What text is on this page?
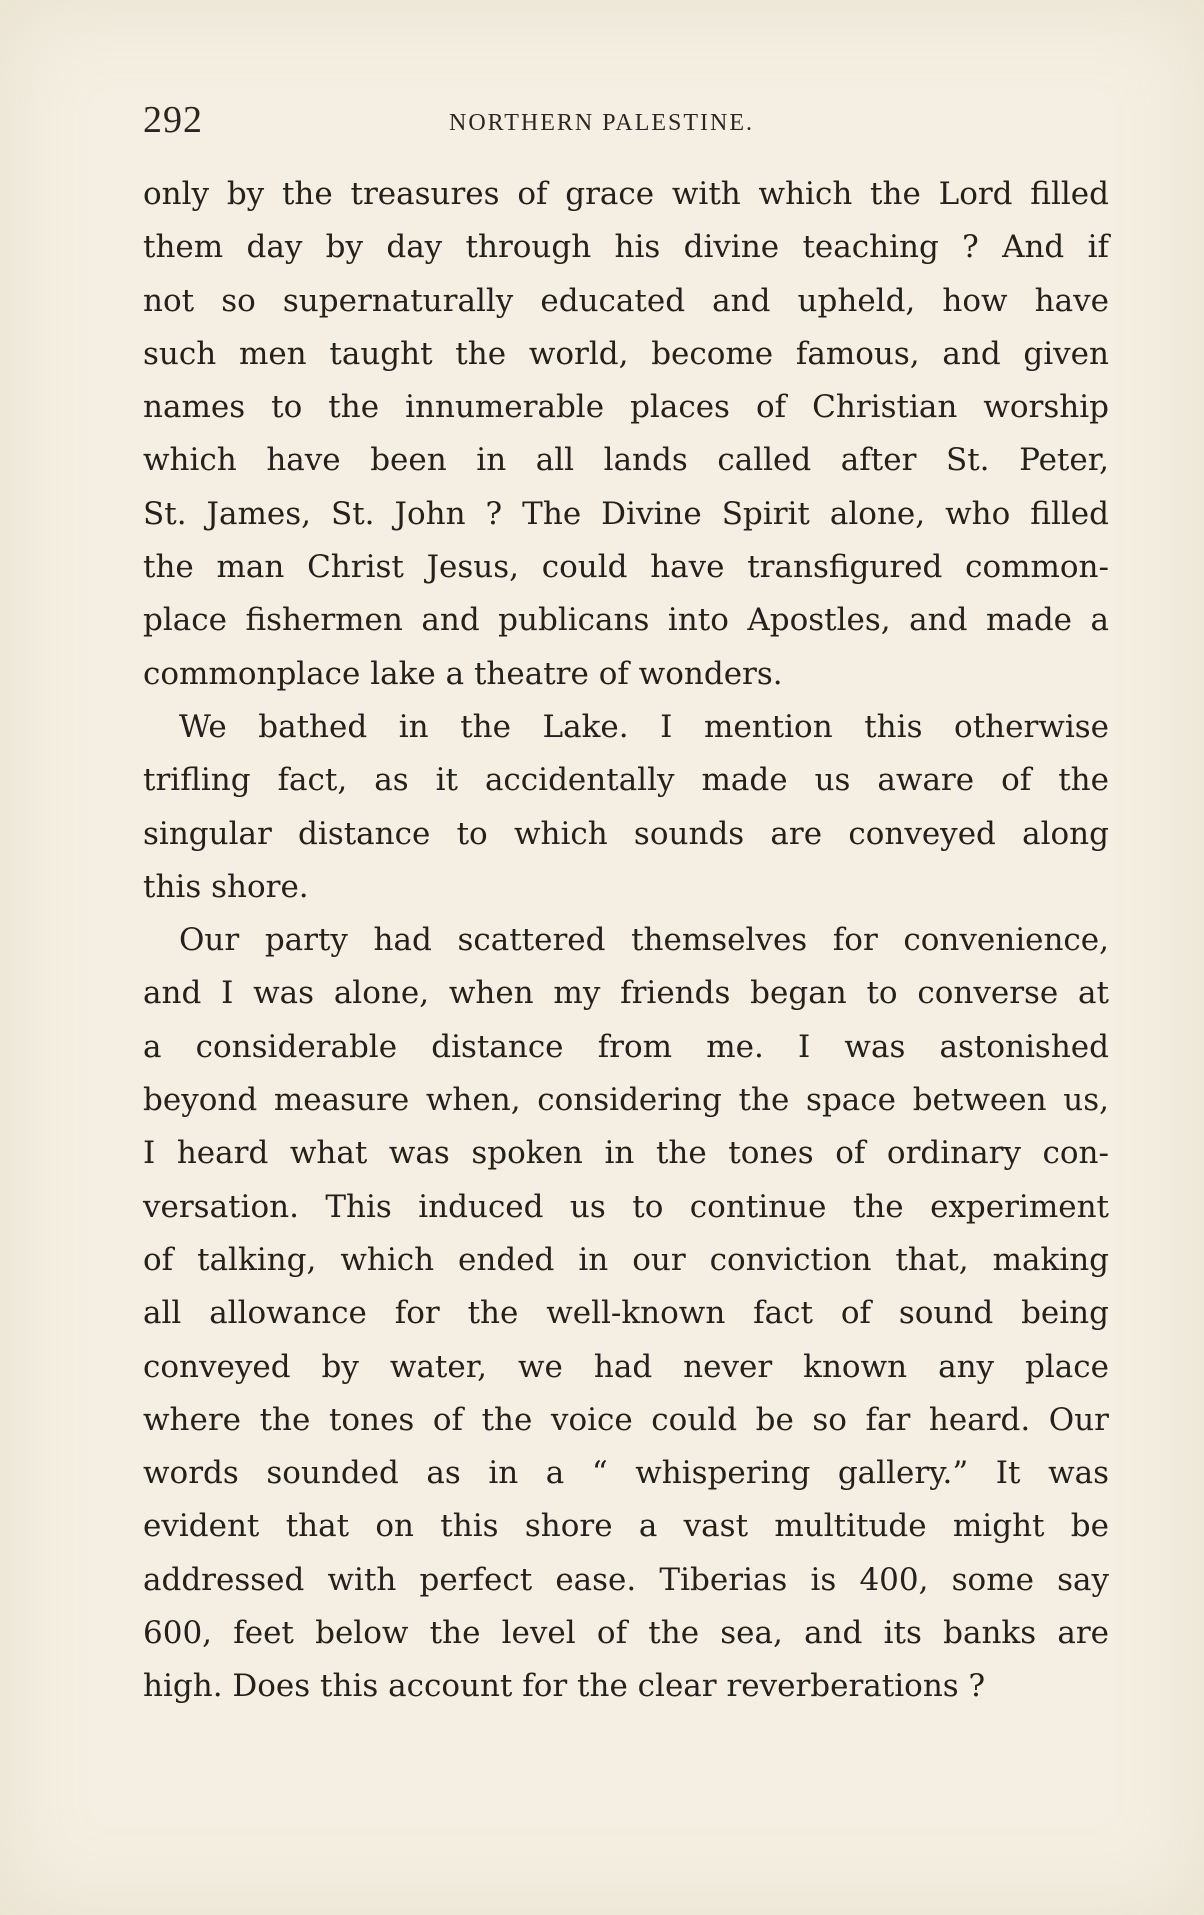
292	NORTHERN PALESTINE.

only by the treasures of grace with which the Lord filled
them day by day through his divine teaching ? And if
not so supernaturally educated and upheld, how have
such men taught the world, become famous, and given
names to the innumerable places of Christian worship
which have been in all lands called after St. Peter,
St. James, St. John ? The Divine Spirit alone, who filled
the man Christ Jesus, could have transfigured common-
place fishermen and publicans into Apostles, and made a
commonplace lake a theatre of wonders.

We bathed in the Lake. I mention this otherwise
trifling fact, as it accidentally made us aware of the
singular distance to which sounds are conveyed along
this shore.

Our party had scattered themselves for convenience,
and I was alone, when my friends began to converse at
a considerable distance from me. I was astonished
beyond measure when, considering the space between us,
I heard what was spoken in the tones of ordinary con-
versation. This induced us to continue the experiment
of talking, which ended in our conviction that, making
all allowance for the well-known fact of sound being
conveyed by water, we had never known any place
where the tones of the voice could be so far heard. Our
words sounded as in a “ whispering gallery.” It was
evident that on this shore a vast multitude might be
addressed with perfect ease. Tiberias is 400, some say
600, feet below the level of the sea, and its banks are
high. Does this account for the clear reverberations ?
